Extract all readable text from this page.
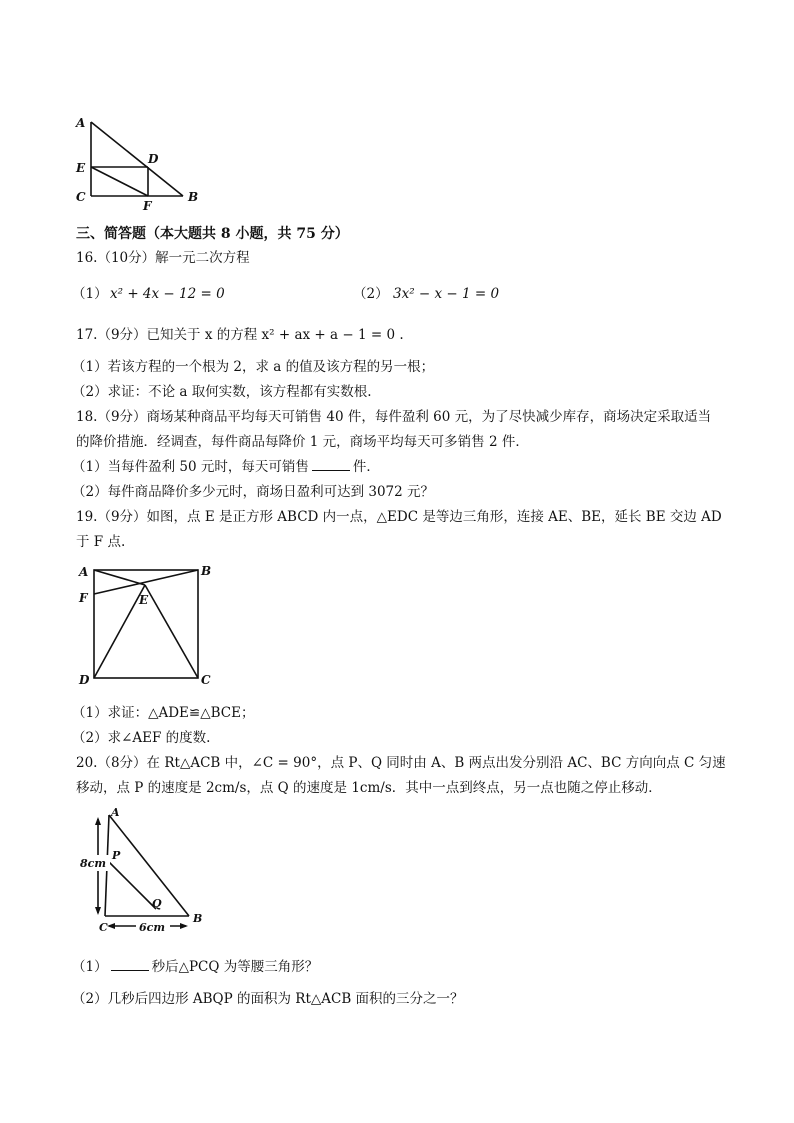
A
E
D
C
F
B
三、简答题（本大题共 8 小题，共 75 分）
16.（10分）解一元二次方程
（1） x² + 4x − 12 = 0	（2） 3x² − x − 1 = 0
17.（9分）已知关于 x 的方程 x² + ax + a − 1 = 0 .
（1）若该方程的一个根为 2，求 a 的值及该方程的另一根；
（2）求证：不论 a 取何实数，该方程都有实数根.
18.（9分）商场某种商品平均每天可销售 40 件，每件盈利 60 元，为了尽快减少库存，商场决定采取适当
的降价措施．经调查，每件商品每降价 1 元，商场平均每天可多销售 2 件．
（1）当每件盈利 50 元时，每天可销售	件．
（2）每件商品降价多少元时，商场日盈利可达到 3072 元？
19.（9分）如图，点 E 是正方形 ABCD 内一点，△EDC 是等边三角形，连接 AE、BE，延长 BE 交边 AD
于 F 点.
A	B
F	E
D	C
（1）求证：△ADE≌△BCE；
（2）求∠AEF 的度数.
20.（8分）在 Rt△ACB 中，∠C = 90°，点 P、Q 同时由 A、B 两点出发分别沿 AC、BC 方向向点 C 匀速
移动，点 P 的速度是 2cm/s，点 Q 的速度是 1cm/s．其中一点到终点，另一点也随之停止移动．
A
P
8cm
Q
C
B
6cm
（1）	秒后△PCQ 为等腰三角形？
（2）几秒后四边形 ABQP 的面积为 Rt△ACB 面积的三分之一？
